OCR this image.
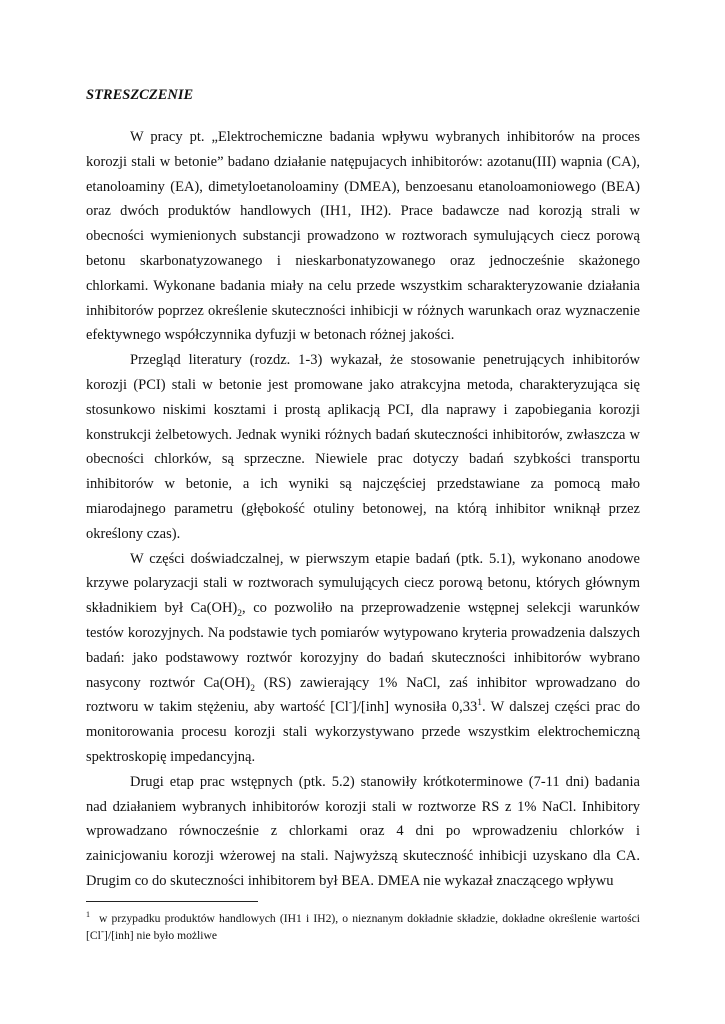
STRESZCZENIE

W pracy pt. „Elektrochemiczne badania wpływu wybranych inhibitorów na proces korozji stali w betonie” badano działanie natępujacych inhibitorów: azotanu(III) wapnia (CA), etanoloaminy (EA), dimetyloetanoloaminy (DMEA), benzoesanu etanoloamoniowego (BEA) oraz dwóch produktów handlowych (IH1, IH2). Prace badawcze nad korozją strali w obecności wymienionych substancji prowadzono w roztworach symulujących ciecz porową betonu skarbonatyzowanego i nieskarbonatyzowanego oraz jednocześnie skażonego chlorkami. Wykonane badania miały na celu przede wszystkim scharakteryzowanie działania inhibitorów poprzez określenie skuteczności inhibicji w różnych warunkach oraz wyznaczenie efektywnego współczynnika dyfuzji w betonach różnej jakości.

Przegląd literatury (rozdz. 1-3) wykazał, że stosowanie penetrujących inhibitorów korozji (PCI) stali w betonie jest promowane jako atrakcyjna metoda, charakteryzująca się stosunkowo niskimi kosztami i prostą aplikacją PCI, dla naprawy i zapobiegania korozji konstrukcji żelbetowych. Jednak wyniki różnych badań skuteczności inhibitorów, zwłaszcza w obecności chlorków, są sprzeczne. Niewiele prac dotyczy badań szybkości transportu inhibitorów w betonie, a ich wyniki są najczęściej przedstawiane za pomocą mało miarodajnego parametru (głębokość otuliny betonowej, na którą inhibitor wniknął przez określony czas).

W części doświadczalnej, w pierwszym etapie badań (ptk. 5.1), wykonano anodowe krzywe polaryzacji stali w roztworach symulujących ciecz porową betonu, których głównym składnikiem był $Ca(OH)_2$, co pozwoliło na przeprowadzenie wstępnej selekcji warunków testów korozyjnych. Na podstawie tych pomiarów wytypowano kryteria prowadzenia dalszych badań: jako podstawowy roztwór korozyjny do badań skuteczności inhibitorów wybrano nasycony roztwór $Ca(OH)_2$ (RS) zawierający 1% NaCl, zaś inhibitor wprowadzano do roztworu w takim stężeniu, aby wartość [Cl-]/[inh] wynosiła 0,33$^1$. W dalszej części prac do monitorowania procesu korozji stali wykorzystywano przede wszystkim elektrochemiczną spektroskopię impedancyjną.

Drugi etap prac wstępnych (ptk. 5.2) stanowiły krótkoterminowe (7-11 dni) badania nad działaniem wybranych inhibitorów korozji stali w roztworze RS z 1% NaCl. Inhibitory wprowadzano równocześnie z chlorkami oraz 4 dni po wprowadzeniu chlorków i zainicjowaniu korozji wżerowej na stali. Najwyższą skuteczność inhibicji uzyskano dla CA. Drugim co do skuteczności inhibitorem był BEA. DMEA nie wykazał znaczącego wpływu

$^1$ w przypadku produktów handlowych (IH1 i IH2), o nieznanym dokładnie składzie, dokładne określenie wartości [Cl-]/[inh] nie było możliwe
